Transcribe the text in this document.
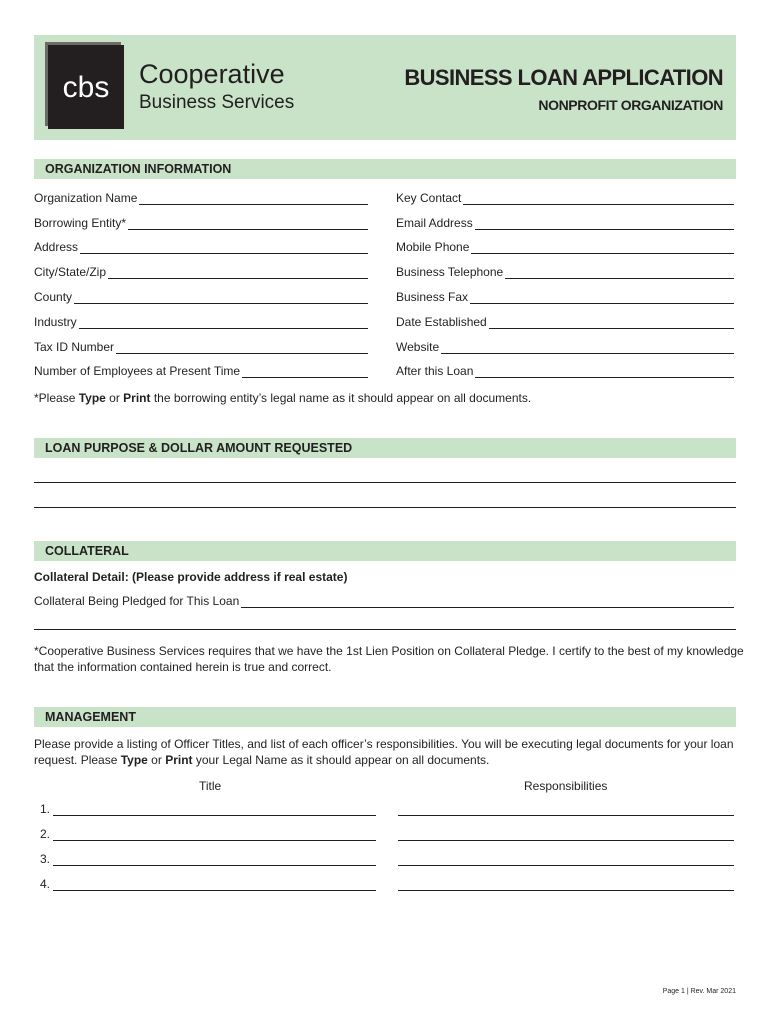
cbs	Cooperative
Business Services
BUSINESS LOAN APPLICATION
NONPROFIT ORGANIZATION
ORGANIZATION INFORMATION
Organization Name
Borrowing Entity*
Address
City/State/Zip
County
Industry
Tax ID Number
Number of Employees at Present Time
Key Contact
Email Address
Mobile Phone
Business Telephone
Business Fax
Date Established
Website
After this Loan
*Please Type or Print the borrowing entity’s legal name as it should appear on all documents.
LOAN PURPOSE & DOLLAR AMOUNT REQUESTED
COLLATERAL
Collateral Detail: (Please provide address if real estate)
Collateral Being Pledged for This Loan
*Cooperative Business Services requires that we have the 1st Lien Position on Collateral Pledge. I certify to the best of my knowledge that the information contained herein is true and correct.
MANAGEMENT
Please provide a listing of Officer Titles, and list of each officer’s responsibilities. You will be executing legal documents for your loan request. Please Type or Print your Legal Name as it should appear on all documents.
Title	Responsibilities
1.
2.
3.
4.
Page 1 | Rev. Mar 2021
